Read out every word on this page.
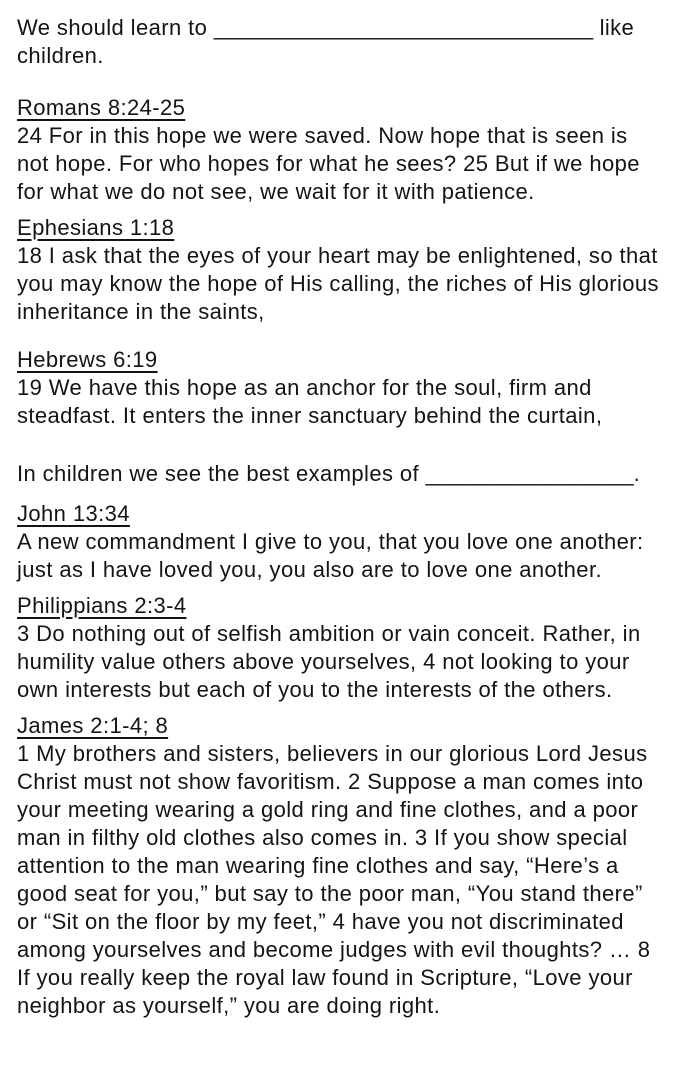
We should learn to _______________________________ like children.

Romans 8:24-25

24 For in this hope we were saved. Now hope that is seen is not hope. For who hopes for what he sees? 25 But if we hope for what we do not see, we wait for it with patience.

Ephesians 1:18

18 I ask that the eyes of your heart may be enlightened, so that you may know the hope of His calling, the riches of His glorious inheritance in the saints,

Hebrews 6:19

19 We have this hope as an anchor for the soul, firm and steadfast. It enters the inner sanctuary behind the curtain,

In children we see the best examples of _________________.

John 13:34

A new commandment I give to you, that you love one another: just as I have loved you, you also are to love one another.

Philippians 2:3-4

3 Do nothing out of selfish ambition or vain conceit. Rather, in humility value others above yourselves, 4 not looking to your own interests but each of you to the interests of the others.

James 2:1-4; 8

1 My brothers and sisters, believers in our glorious Lord Jesus Christ must not show favoritism. 2 Suppose a man comes into your meeting wearing a gold ring and fine clothes, and a poor man in filthy old clothes also comes in. 3 If you show special attention to the man wearing fine clothes and say, “Here’s a good seat for you,” but say to the poor man, “You stand there” or “Sit on the floor by my feet,” 4 have you not discriminated among yourselves and become judges with evil thoughts? … 8 If you really keep the royal law found in Scripture, “Love your neighbor as yourself,” you are doing right.
